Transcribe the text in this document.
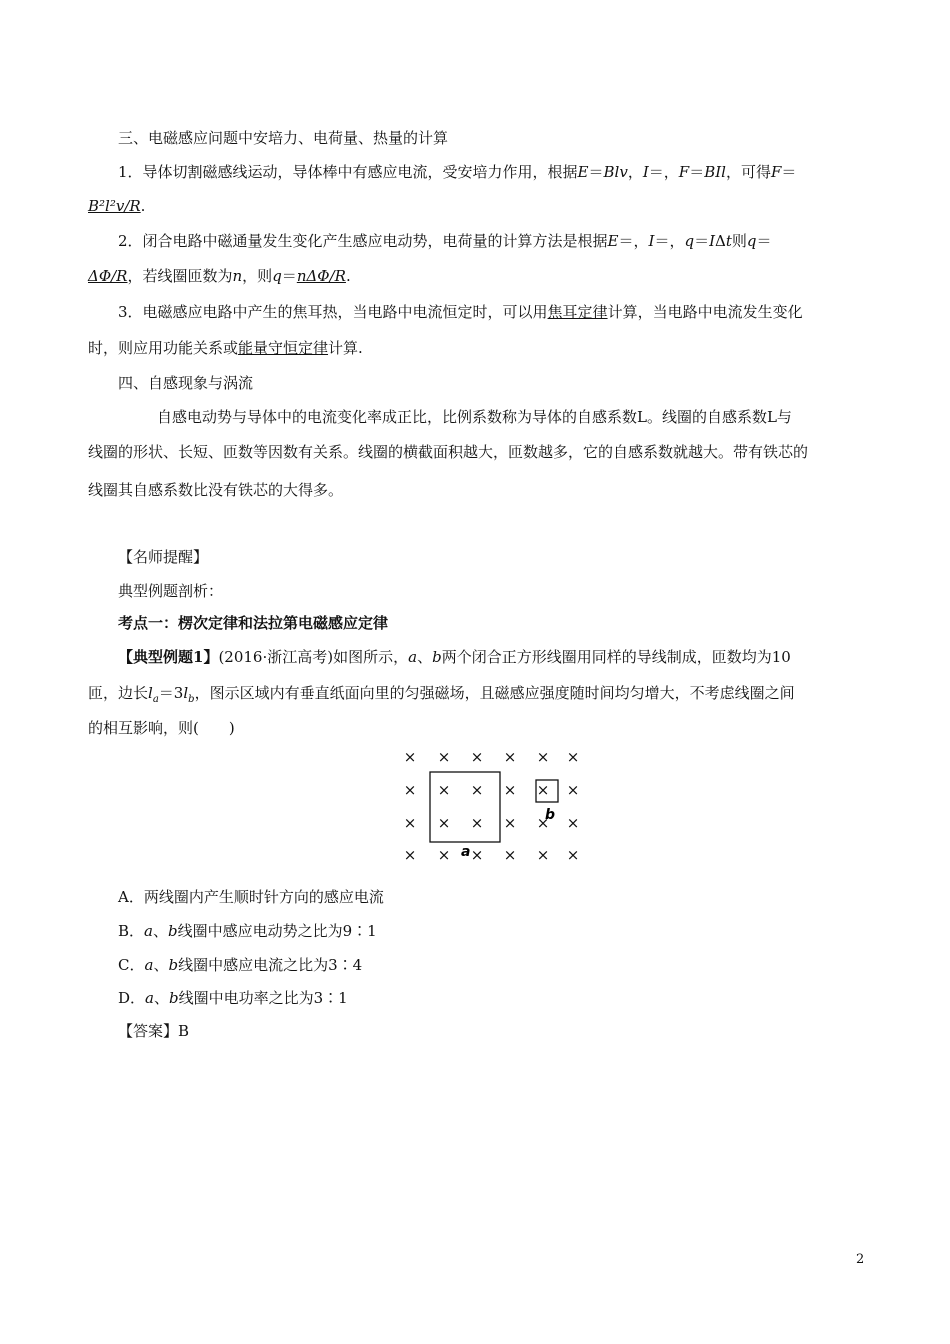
三、电磁感应问题中安培力、电荷量、热量的计算
1．导体切割磁感线运动，导体棒中有感应电流，受安培力作用，根据E＝Blv，I＝，F＝BIl，可得F＝
B²l²v/R.
2．闭合电路中磁通量发生变化产生感应电动势，电荷量的计算方法是根据E＝，I＝，q＝IΔt则q＝
ΔΦ/R，若线圈匝数为n，则q＝nΔΦ/R.
3．电磁感应电路中产生的焦耳热，当电路中电流恒定时，可以用焦耳定律计算，当电路中电流发生变化
时，则应用功能关系或能量守恒定律计算.
四、自感现象与涡流
自感电动势与导体中的电流变化率成正比，比例系数称为导体的自感系数L。线圈的自感系数L与
线圈的形状、长短、匝数等因数有关系。线圈的横截面积越大，匝数越多，它的自感系数就越大。带有铁芯的
线圈其自感系数比没有铁芯的大得多。
【名师提醒】
典型例题剖析：
考点一：楞次定律和法拉第电磁感应定律
【典型例题1】(2016·浙江高考)如图所示，a、b两个闭合正方形线圈用同样的导线制成，匝数均为10
匝，边长$l_a=3l_b$，图示区域内有垂直纸面向里的匀强磁场，且磁感应强度随时间均匀增大，不考虑线圈之间
的相互影响，则(　　)
× × × × × ×
× × × × × ×
× × × × × ×
× × × × × ×
a
b
A．两线圈内产生顺时针方向的感应电流
B．a、b线圈中感应电动势之比为9∶1
C．a、b线圈中感应电流之比为3∶4
D．a、b线圈中电功率之比为3∶1
【答案】B
2
